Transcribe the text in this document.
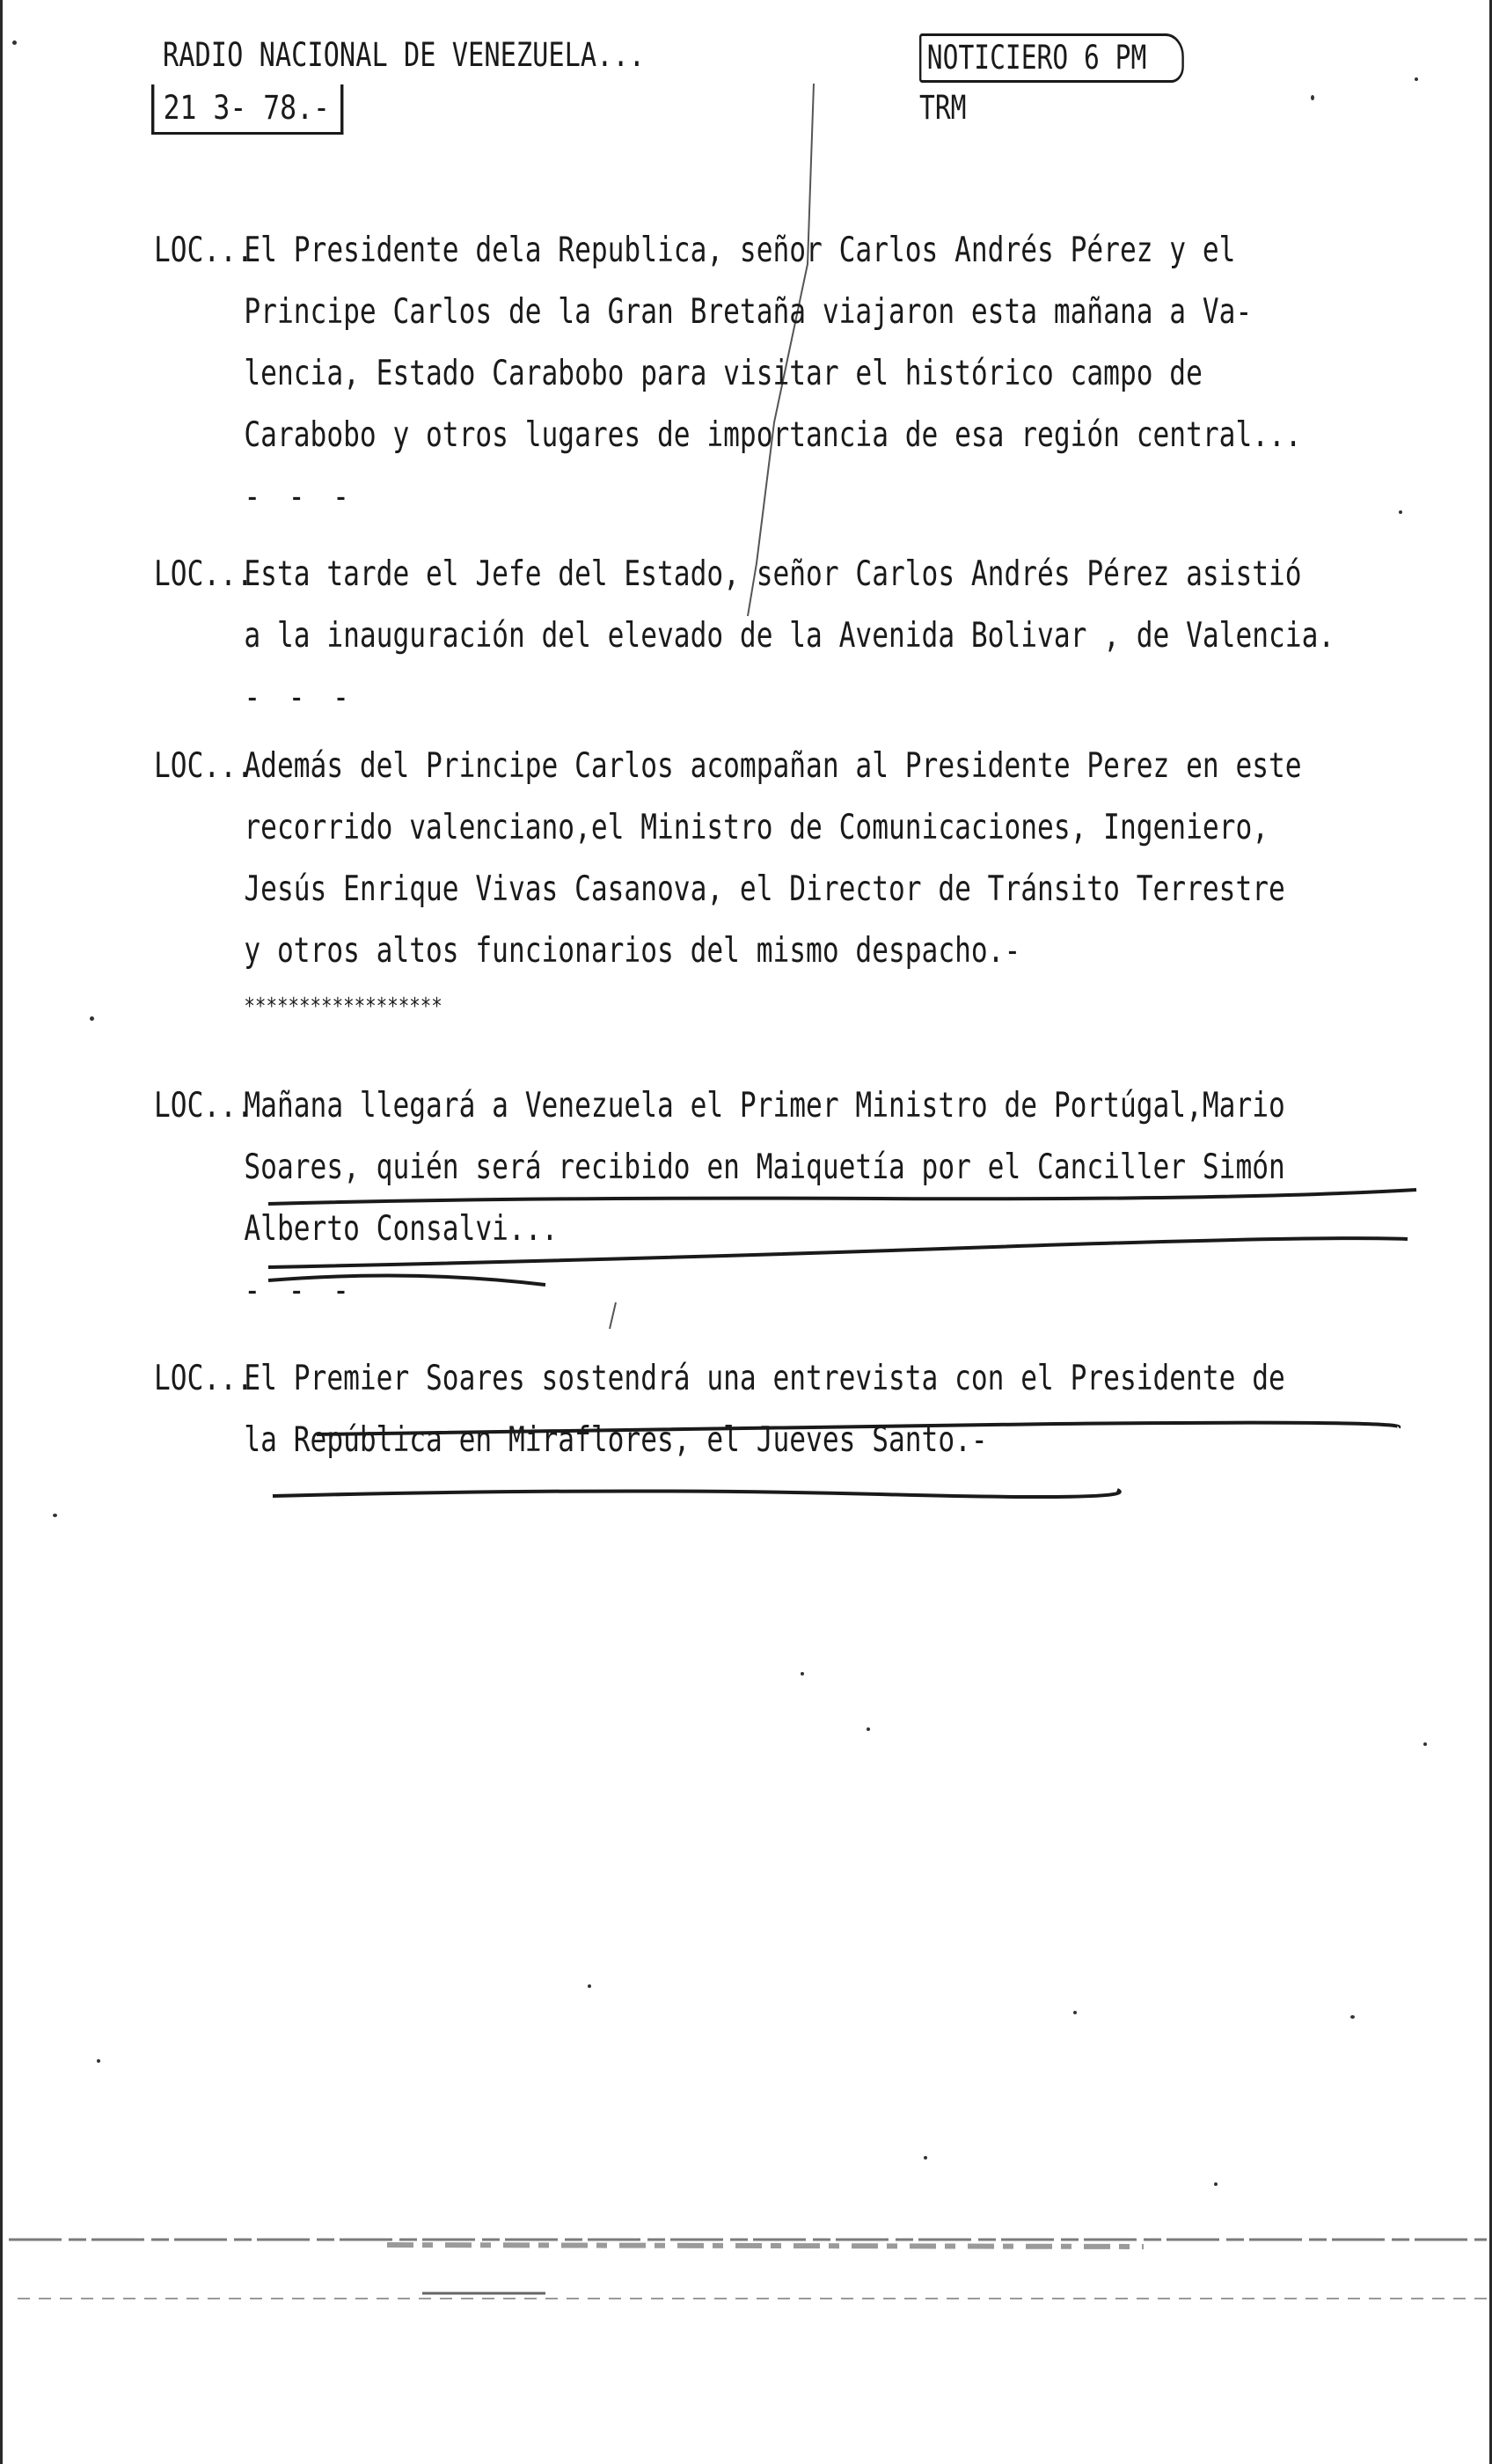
RADIO NACIONAL DE VENEZUELA...
21 3- 78.-
NOTICIERO 6 PM
TRM
LOC...
El Presidente dela Republica, señor Carlos Andrés Pérez y el
Principe Carlos de la Gran Bretaña viajaron esta mañana a Va-
lencia, Estado Carabobo para visitar el histórico campo de
Carabobo y otros lugares de importancia de esa región central...
- - -
LOC...
Esta tarde el Jefe del Estado, señor Carlos Andrés Pérez asistió
a la inauguración del elevado de la Avenida Bolivar , de Valencia.
- - -
LOC...
Además del Principe Carlos acompañan al Presidente Perez en este
recorrido valenciano,el Ministro de Comunicaciones, Ingeniero,
Jesús Enrique Vivas Casanova, el Director de Tránsito Terrestre
y otros altos funcionarios del mismo despacho.-
******************
LOC...
Mañana llegará a Venezuela el Primer Ministro de Portúgal,Mario
Soares, quién será recibido en Maiquetía por el Canciller Simón
Alberto Consalvi...
- - -
LOC...
El Premier Soares sostendrá una entrevista con el Presidente de
la República en Miraflores, el Jueves Santo.-
